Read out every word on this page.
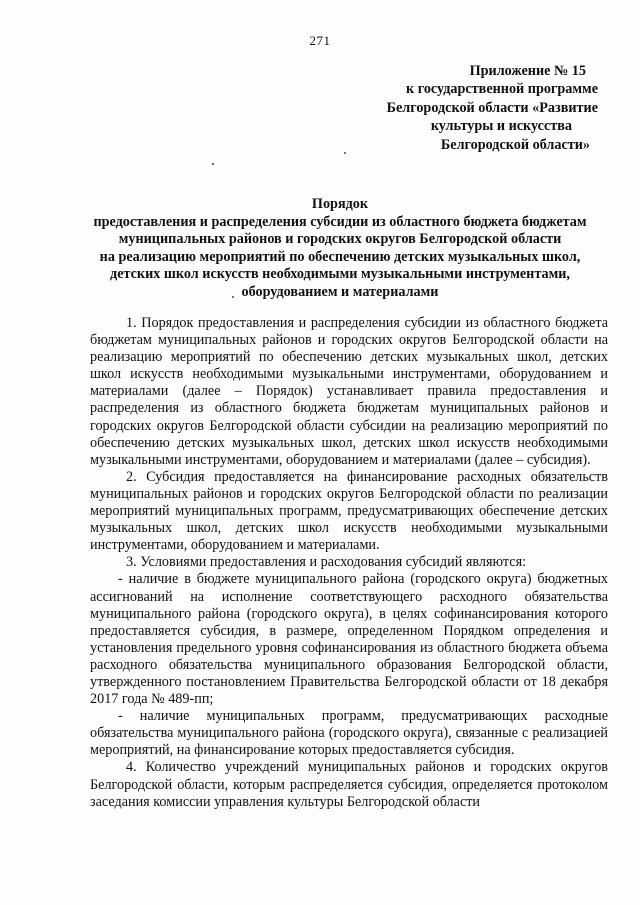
271
Приложение № 15
к государственной программе
Белгородской области «Развитие
культуры и искусства
Белгородской области»
Порядок
предоставления и распределения субсидии из областного бюджета бюджетам
муниципальных районов и городских округов Белгородской области
на реализацию мероприятий по обеспечению детских музыкальных школ,
детских школ искусств необходимыми музыкальными инструментами,
оборудованием и материалами

1. Порядок предоставления и распределения субсидии из областного бюджета бюджетам муниципальных районов и городских округов Белгородской области на реализацию мероприятий по обеспечению детских музыкальных школ, детских школ искусств необходимыми музыкальными инструментами, оборудованием и материалами (далее – Порядок) устанавливает правила предоставления и распределения из областного бюджета бюджетам муниципальных районов и городских округов Белгородской области субсидии на реализацию мероприятий по обеспечению детских музыкальных школ, детских школ искусств необходимыми музыкальными инструментами, оборудованием и материалами (далее – субсидия).

2. Субсидия предоставляется на финансирование расходных обязательств муниципальных районов и городских округов Белгородской области по реализации мероприятий муниципальных программ, предусматривающих обеспечение детских музыкальных школ, детских школ искусств необходимыми музыкальными инструментами, оборудованием и материалами.

3. Условиями предоставления и расходования субсидий являются:

- наличие в бюджете муниципального района (городского округа) бюджетных ассигнований на исполнение соответствующего расходного обязательства муниципального района (городского округа), в целях софинансирования которого предоставляется субсидия, в размере, определенном Порядком определения и установления предельного уровня софинансирования из областного бюджета объема расходного обязательства муниципального образования Белгородской области, утвержденного постановлением Правительства Белгородской области от 18 декабря 2017 года № 489-пп;

- наличие муниципальных программ, предусматривающих расходные обязательства муниципального района (городского округа), связанные с реализацией мероприятий, на финансирование которых предоставляется субсидия.

4. Количество учреждений муниципальных районов и городских округов Белгородской области, которым распределяется субсидия, определяется протоколом заседания комиссии управления культуры Белгородской области
